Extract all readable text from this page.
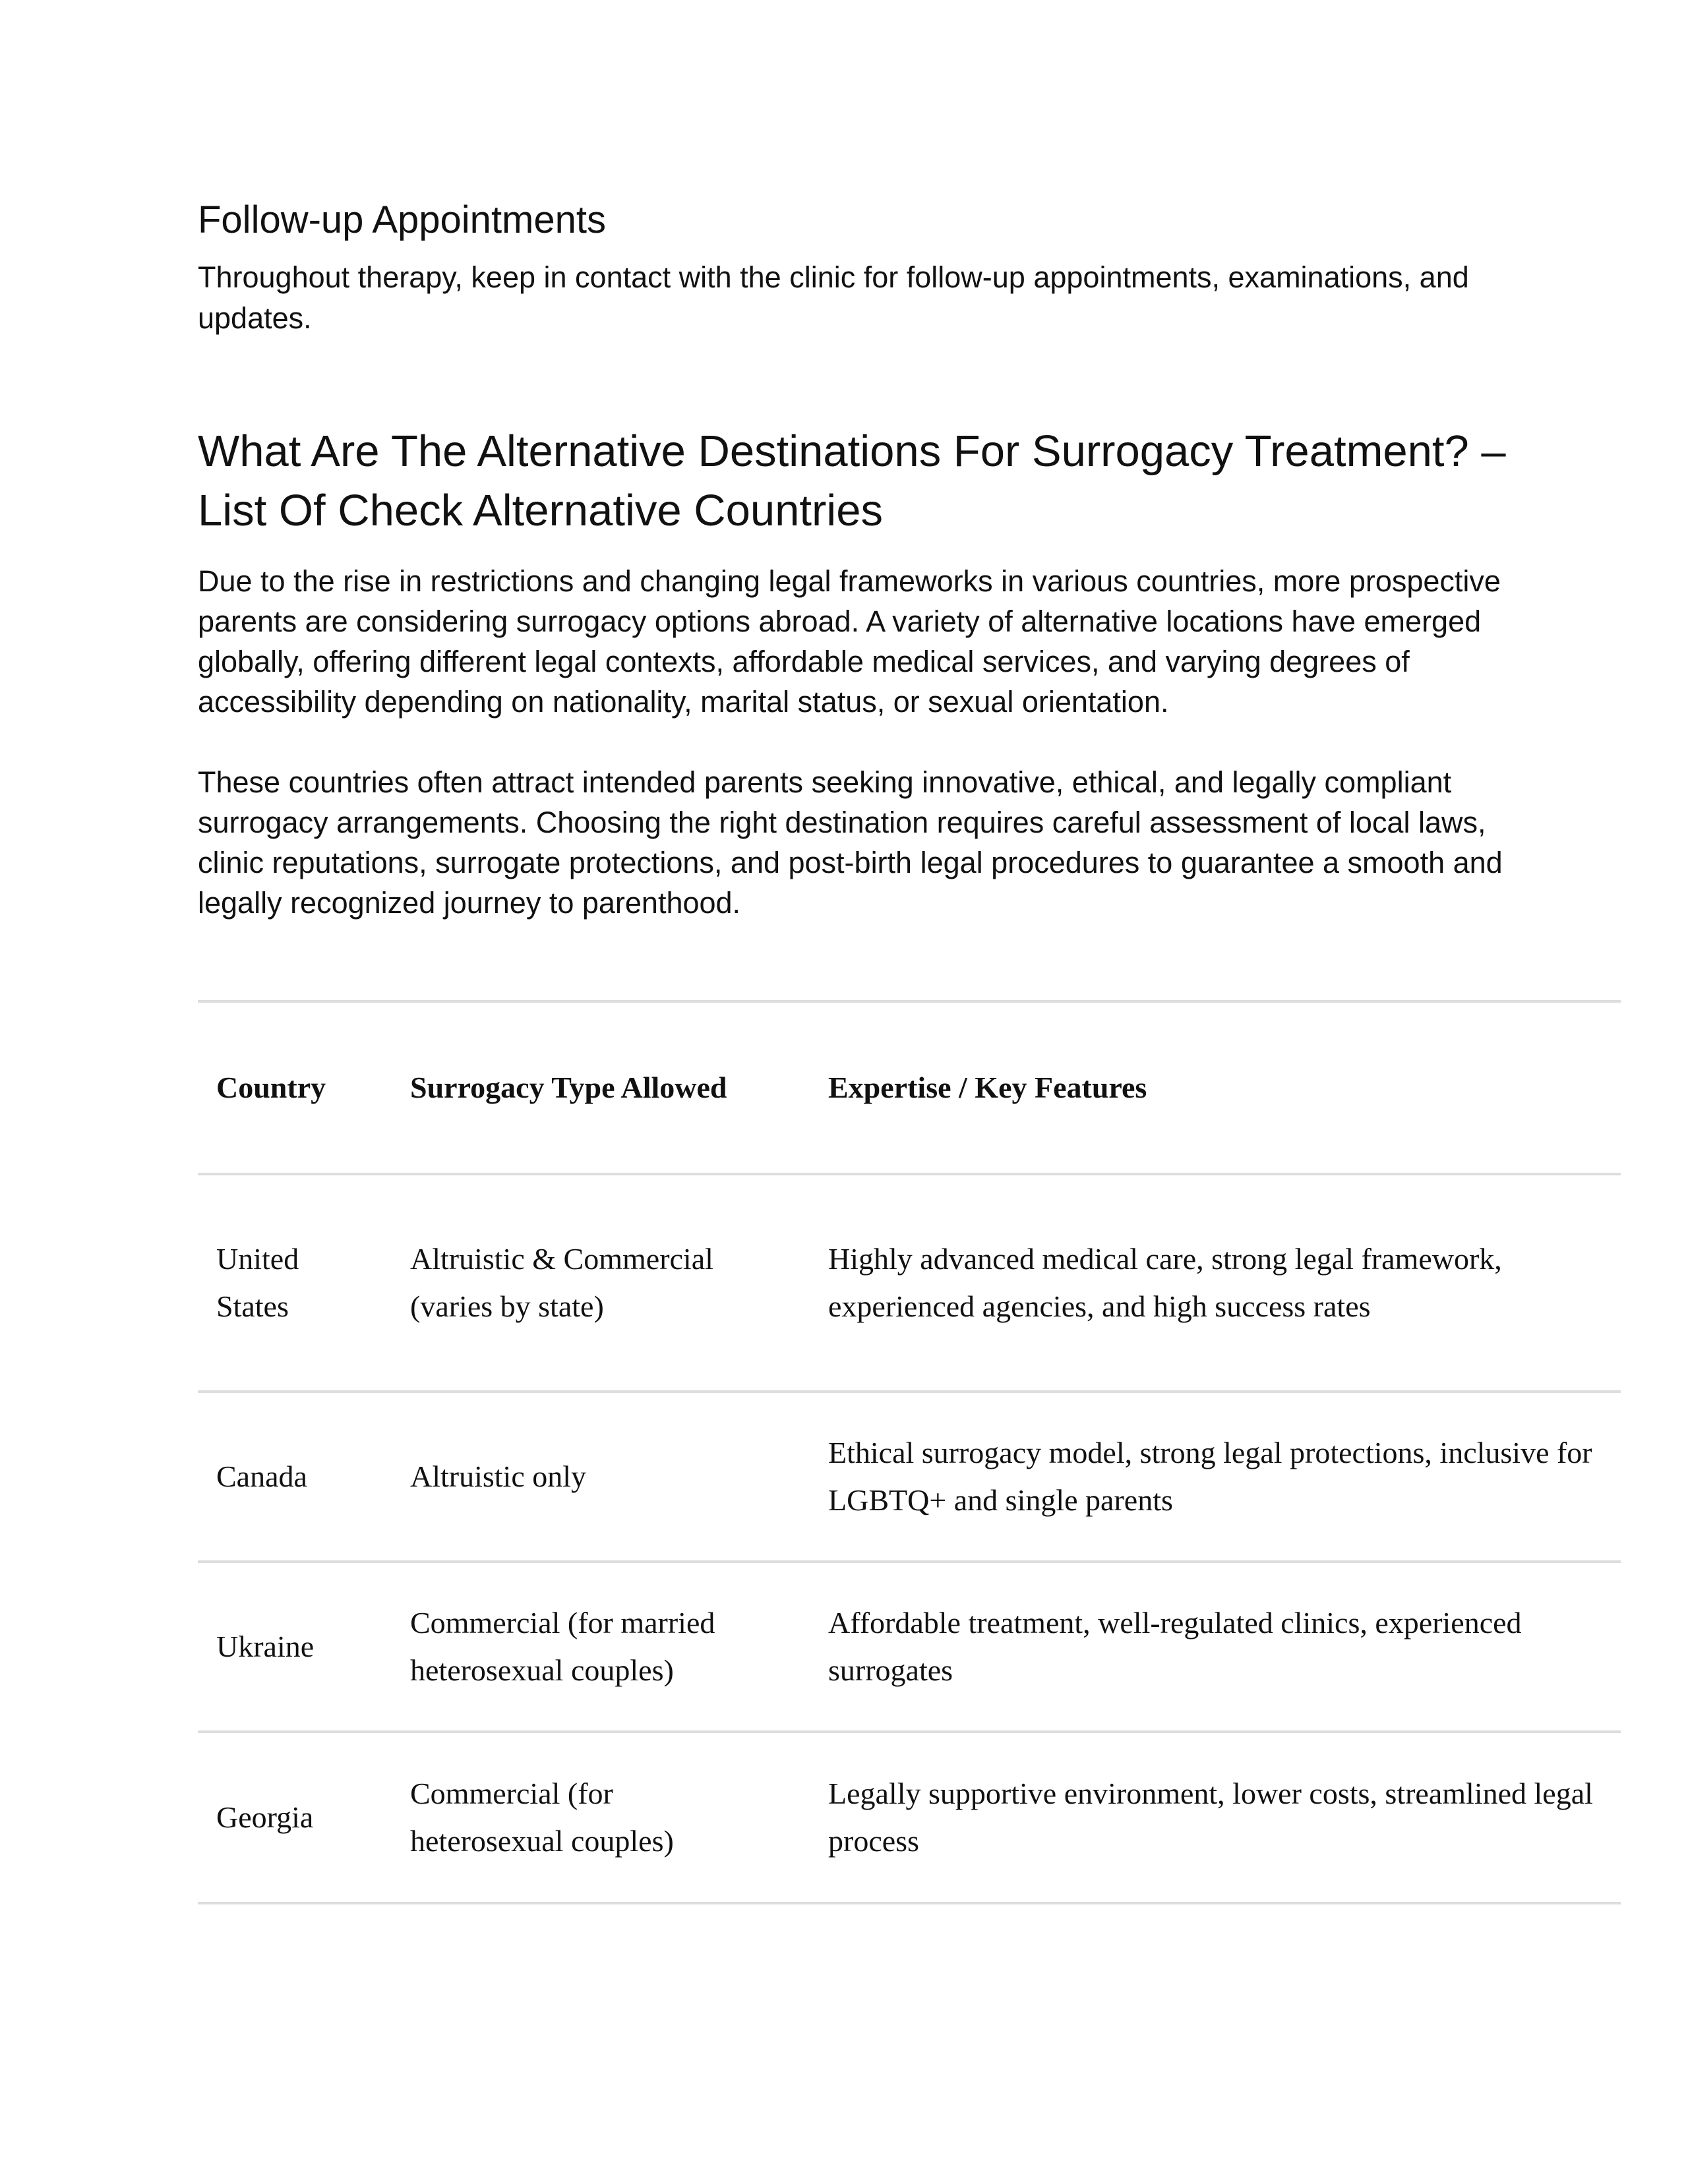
Follow-up Appointments

Throughout therapy, keep in contact with the clinic for follow-up appointments, examinations, and updates.

What Are The Alternative Destinations For Surrogacy Treatment? – List Of Check Alternative Countries

Due to the rise in restrictions and changing legal frameworks in various countries, more prospective parents are considering surrogacy options abroad. A variety of alternative locations have emerged globally, offering different legal contexts, affordable medical services, and varying degrees of accessibility depending on nationality, marital status, or sexual orientation.

These countries often attract intended parents seeking innovative, ethical, and legally compliant surrogacy arrangements. Choosing the right destination requires careful assessment of local laws, clinic reputations, surrogate protections, and post-birth legal procedures to guarantee a smooth and legally recognized journey to parenthood.

Country	Surrogacy Type Allowed	Expertise / Key Features
United States	Altruistic & Commercial (varies by state)	Highly advanced medical care, strong legal framework, experienced agencies, and high success rates
Canada	Altruistic only	Ethical surrogacy model, strong legal protections, inclusive for LGBTQ+ and single parents
Ukraine	Commercial (for married heterosexual couples)	Affordable treatment, well-regulated clinics, experienced surrogates
Georgia	Commercial (for heterosexual couples)	Legally supportive environment, lower costs, streamlined legal process
